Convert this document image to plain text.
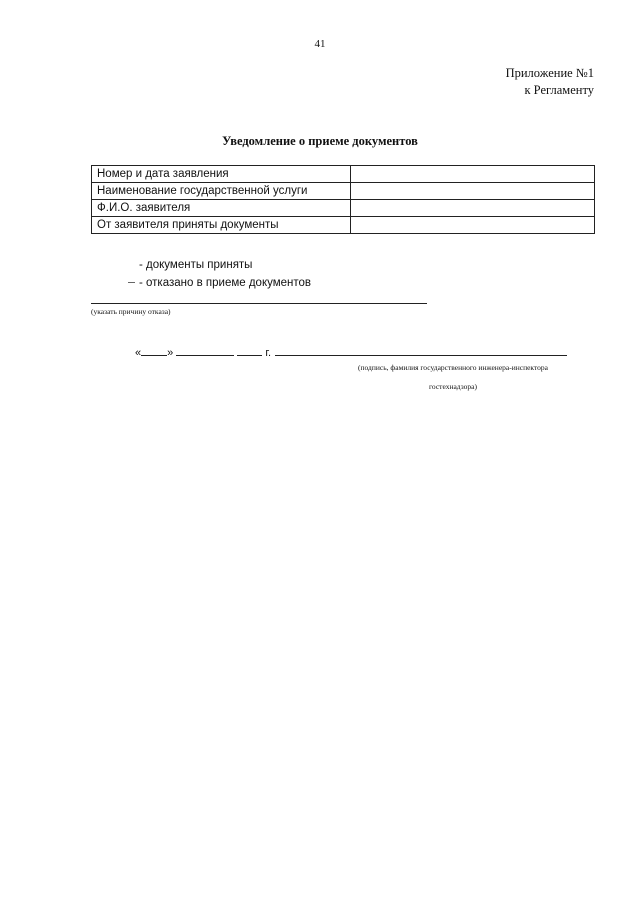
41
Приложение №1
к Регламенту
Уведомление о приеме документов
Номер и дата заявления	
Наименование государственной услуги	
Ф.И.О. заявителя	
От заявителя приняты документы	
- документы приняты
- отказано в приеме документов
(указать причину отказа)
« »	г.
(подпись, фамилия государственного инженера-инспектора
гостехнадзора)
